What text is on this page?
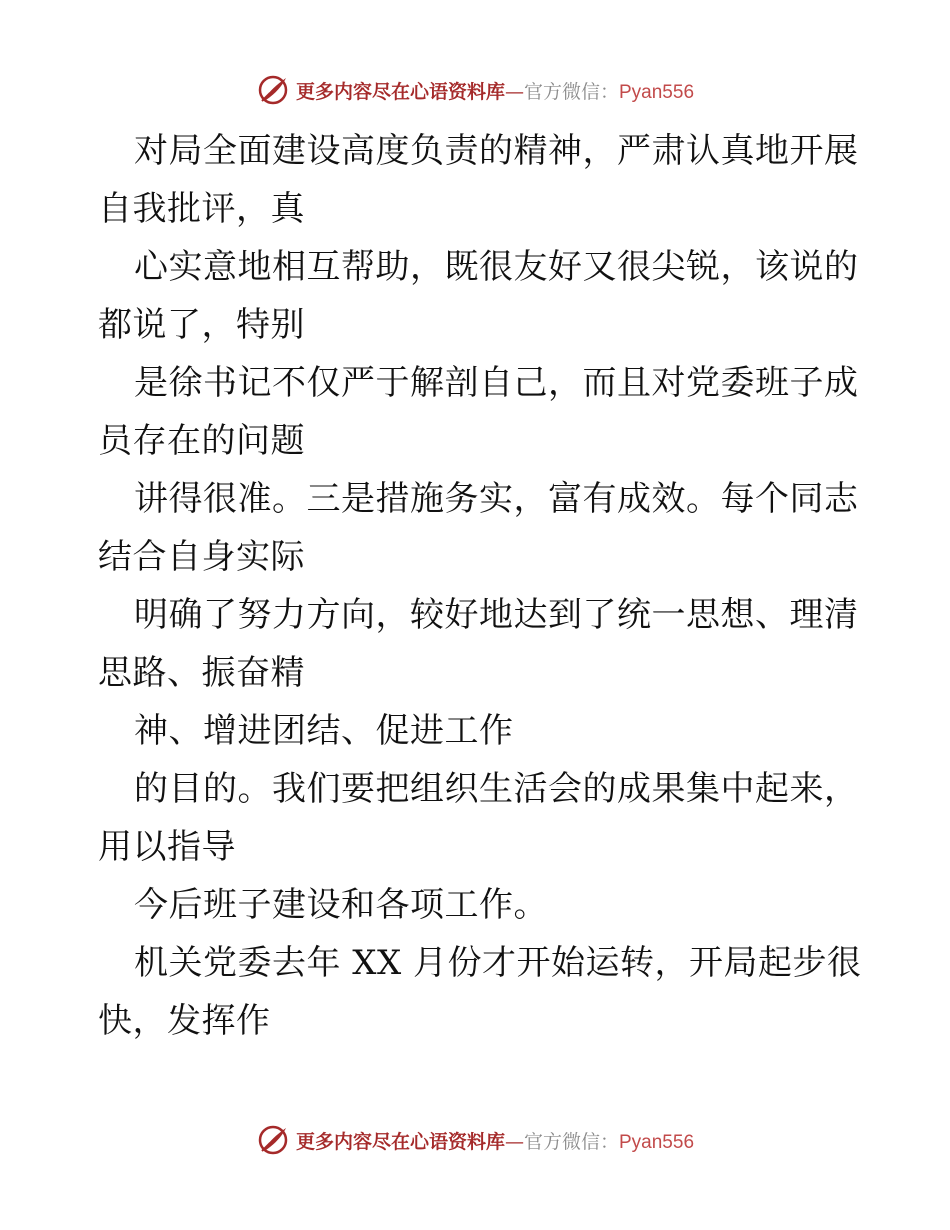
更多内容尽在心语资料库—官方微信：Pyan556
对局全面建设高度负责的精神，严肃认真地开展
自我批评，真
心实意地相互帮助，既很友好又很尖锐，该说的
都说了，特别
是徐书记不仅严于解剖自己，而且对党委班子成
员存在的问题
讲得很准。三是措施务实，富有成效。每个同志
结合自身实际
明确了努力方向，较好地达到了统一思想、理清
思路、振奋精
神、增进团结、促进工作
的目的。我们要把组织生活会的成果集中起来，
用以指导
今后班子建设和各项工作。
机关党委去年 XX 月份才开始运转，开局起步很
快，发挥作
更多内容尽在心语资料库—官方微信：Pyan556
